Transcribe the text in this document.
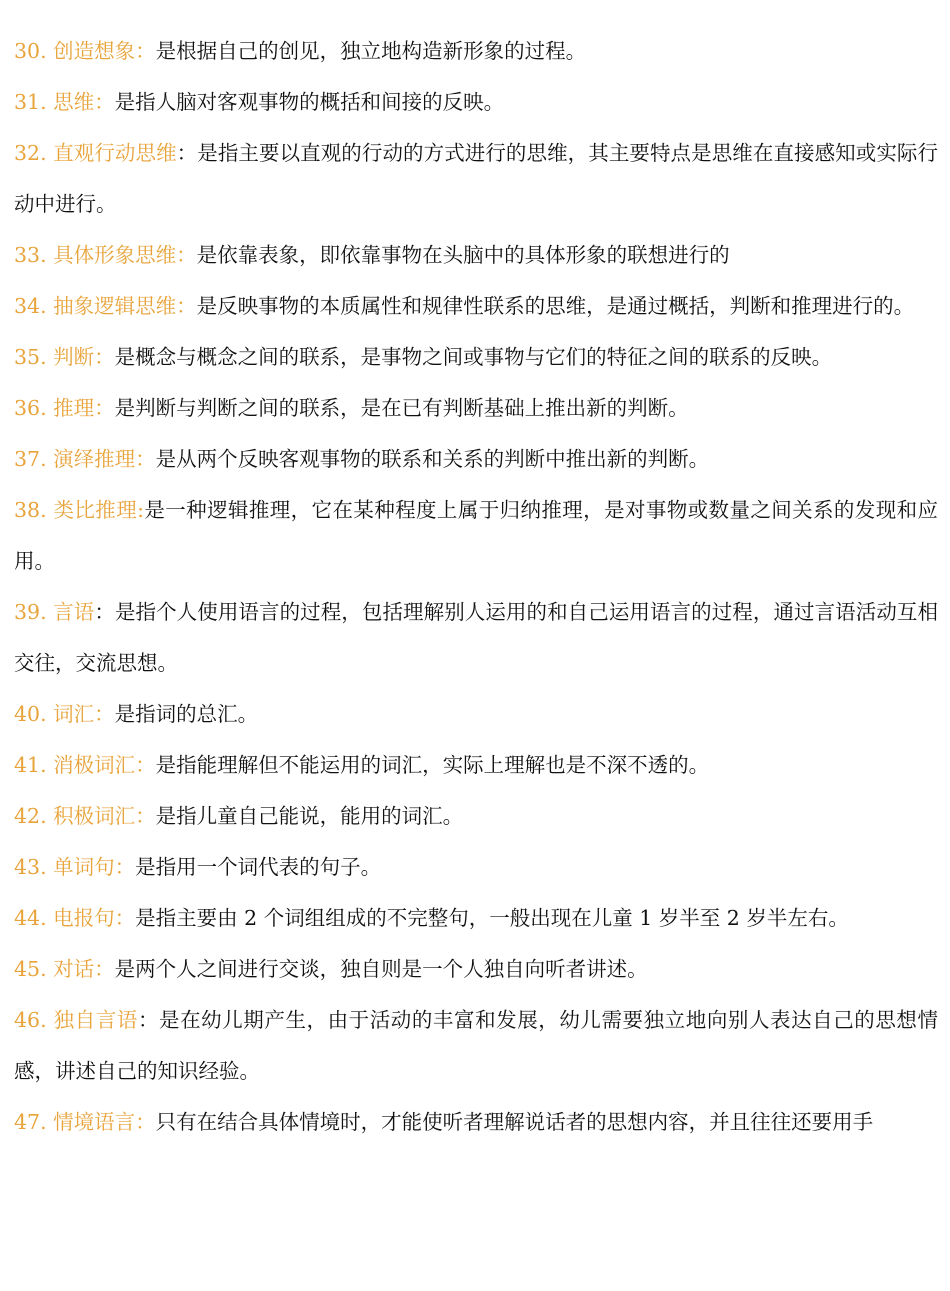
30. 创造想象：是根据自己的创见，独立地构造新形象的过程。

31. 思维：是指人脑对客观事物的概括和间接的反映。

32. 直观行动思维：是指主要以直观的行动的方式进行的思维，其主要特点是思维在直接感知或实际行动中进行。

33. 具体形象思维：是依靠表象，即依靠事物在头脑中的具体形象的联想进行的

34. 抽象逻辑思维：是反映事物的本质属性和规律性联系的思维，是通过概括，判断和推理进行的。

35. 判断：是概念与概念之间的联系，是事物之间或事物与它们的特征之间的联系的反映。

36. 推理：是判断与判断之间的联系，是在已有判断基础上推出新的判断。

37. 演绎推理：是从两个反映客观事物的联系和关系的判断中推出新的判断。

38. 类比推理:是一种逻辑推理，它在某种程度上属于归纳推理，是对事物或数量之间关系的发现和应用。

39. 言语：是指个人使用语言的过程，包括理解别人运用的和自己运用语言的过程，通过言语活动互相交往，交流思想。

40. 词汇：是指词的总汇。

41. 消极词汇：是指能理解但不能运用的词汇，实际上理解也是不深不透的。

42. 积极词汇：是指儿童自己能说，能用的词汇。

43. 单词句：是指用一个词代表的句子。

44. 电报句：是指主要由 2 个词组组成的不完整句，一般出现在儿童 1 岁半至 2 岁半左右。

45. 对话：是两个人之间进行交谈，独自则是一个人独自向听者讲述。

46. 独自言语：是在幼儿期产生，由于活动的丰富和发展，幼儿需要独立地向别人表达自己的思想情感，讲述自己的知识经验。

47. 情境语言：只有在结合具体情境时，才能使听者理解说话者的思想内容，并且往往还要用手
